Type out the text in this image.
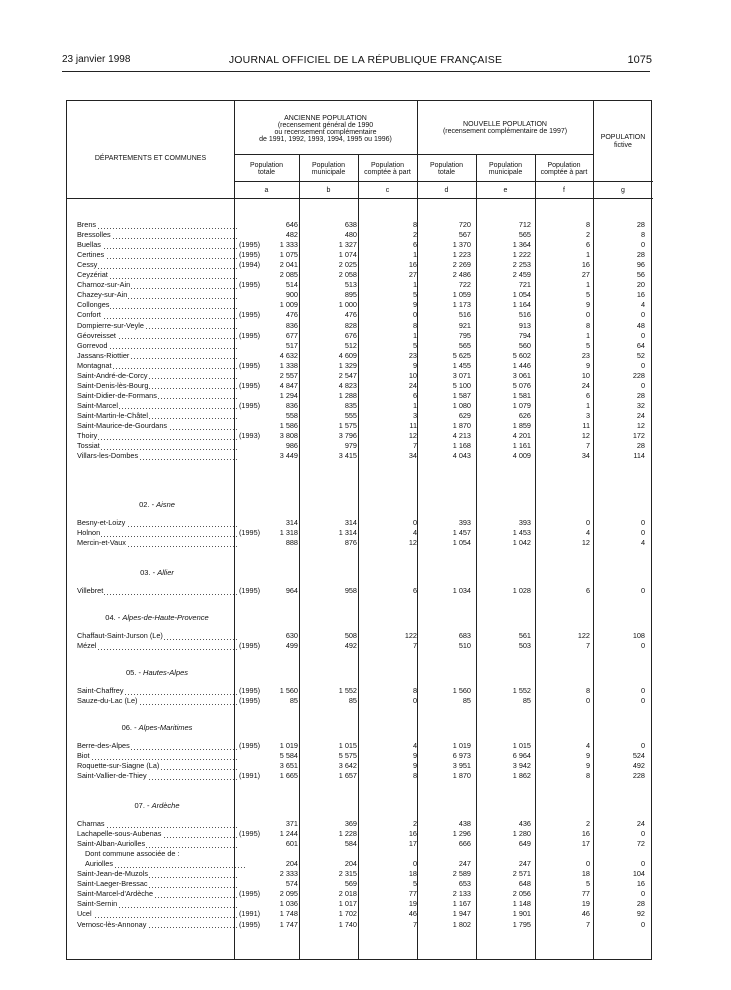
23 janvier 1998	JOURNAL OFFICIEL DE LA RÉPUBLIQUE FRANÇAISE	1075
DÉPARTEMENTS ET COMMUNES
ANCIENNE POPULATION
(recensement général de 1990
ou recensement complémentaire
de 1991, 1992, 1993, 1994, 1995 ou 1996)
NOUVELLE POPULATION
(recensement complémentaire de 1997)
POPULATION
fictive
Population
totale
Population
municipale
Population
comptée à part
Population
totale
Population
municipale
Population
comptée à part
a	b	c	d	e	f	g
Brens	646	638	8	720	712	8	28
Bressolles	482	480	2	567	565	2	8
Buellas	(1995)	1 333	1 327	6	1 370	1 364	6	0
Certines	(1995)	1 075	1 074	1	1 223	1 222	1	28
Cessy	(1994)	2 041	2 025	16	2 269	2 253	16	96
Ceyzériat	2 085	2 058	27	2 486	2 459	27	56
Charnoz-sur-Ain	(1995)	514	513	1	722	721	1	20
Chazey-sur-Ain	900	895	5	1 059	1 054	5	16
Collonges	1 009	1 000	9	1 173	1 164	9	4
Confort	(1995)	476	476	0	516	516	0	0
Dompierre-sur-Veyle	836	828	8	921	913	8	48
Géovreisset	(1995)	677	676	1	795	794	1	0
Gorrevod	517	512	5	565	560	5	64
Jassans-Riottier	4 632	4 609	23	5 625	5 602	23	52
Montagnat	(1995)	1 338	1 329	9	1 455	1 446	9	0
Saint-André-de-Corcy	2 557	2 547	10	3 071	3 061	10	228
Saint-Denis-lès-Bourg	(1995)	4 847	4 823	24	5 100	5 076	24	0
Saint-Didier-de-Formans	1 294	1 288	6	1 587	1 581	6	28
Saint-Marcel	(1995)	836	835	1	1 080	1 079	1	32
Saint-Martin-le-Châtel	558	555	3	629	626	3	24
Saint-Maurice-de-Gourdans	1 586	1 575	11	1 870	1 859	11	12
Thoiry	(1993)	3 808	3 796	12	4 213	4 201	12	172
Tossiat	986	979	7	1 168	1 161	7	28
Villars-les-Dombes	3 449	3 415	34	4 043	4 009	34	114
02. - Aisne
Besny-et-Loizy	314	314	0	393	393	0	0
Holnon	(1995)	1 318	1 314	4	1 457	1 453	4	0
Mercin-et-Vaux	888	876	12	1 054	1 042	12	4
03. - Allier
Villebret	(1995)	964	958	6	1 034	1 028	6	0
04. - Alpes-de-Haute-Provence
Chaffaut-Saint-Jurson (Le)	630	508	122	683	561	122	108
Mézel	(1995)	499	492	7	510	503	7	0
05. - Hautes-Alpes
Saint-Chaffrey	(1995)	1 560	1 552	8	1 560	1 552	8	0
Sauze-du-Lac (Le)	(1995)	85	85	0	85	85	0	0
06. - Alpes-Maritimes
Berre-des-Alpes	(1995)	1 019	1 015	4	1 019	1 015	4	0
Biot	5 584	5 575	9	6 973	6 964	9	524
Roquette-sur-Siagne (La)	3 651	3 642	9	3 951	3 942	9	492
Saint-Vallier-de-Thiey	(1991)	1 665	1 657	8	1 870	1 862	8	228
07. - Ardèche
Charnas	371	369	2	438	436	2	24
Lachapelle-sous-Aubenas	(1995)	1 244	1 228	16	1 296	1 280	16	0
Saint-Alban-Auriolles	601	584	17	666	649	17	72
Dont commune associée de :
Auriolles	204	204	0	247	247	0	0
Saint-Jean-de-Muzols	2 333	2 315	18	2 589	2 571	18	104
Saint-Laeger-Bressac	574	569	5	653	648	5	16
Saint-Marcel-d'Ardèche	(1995)	2 095	2 018	77	2 133	2 056	77	0
Saint-Sernin	1 036	1 017	19	1 167	1 148	19	28
Ucel	(1991)	1 748	1 702	46	1 947	1 901	46	92
Vernosc-lès-Annonay	(1995)	1 747	1 740	7	1 802	1 795	7	0
